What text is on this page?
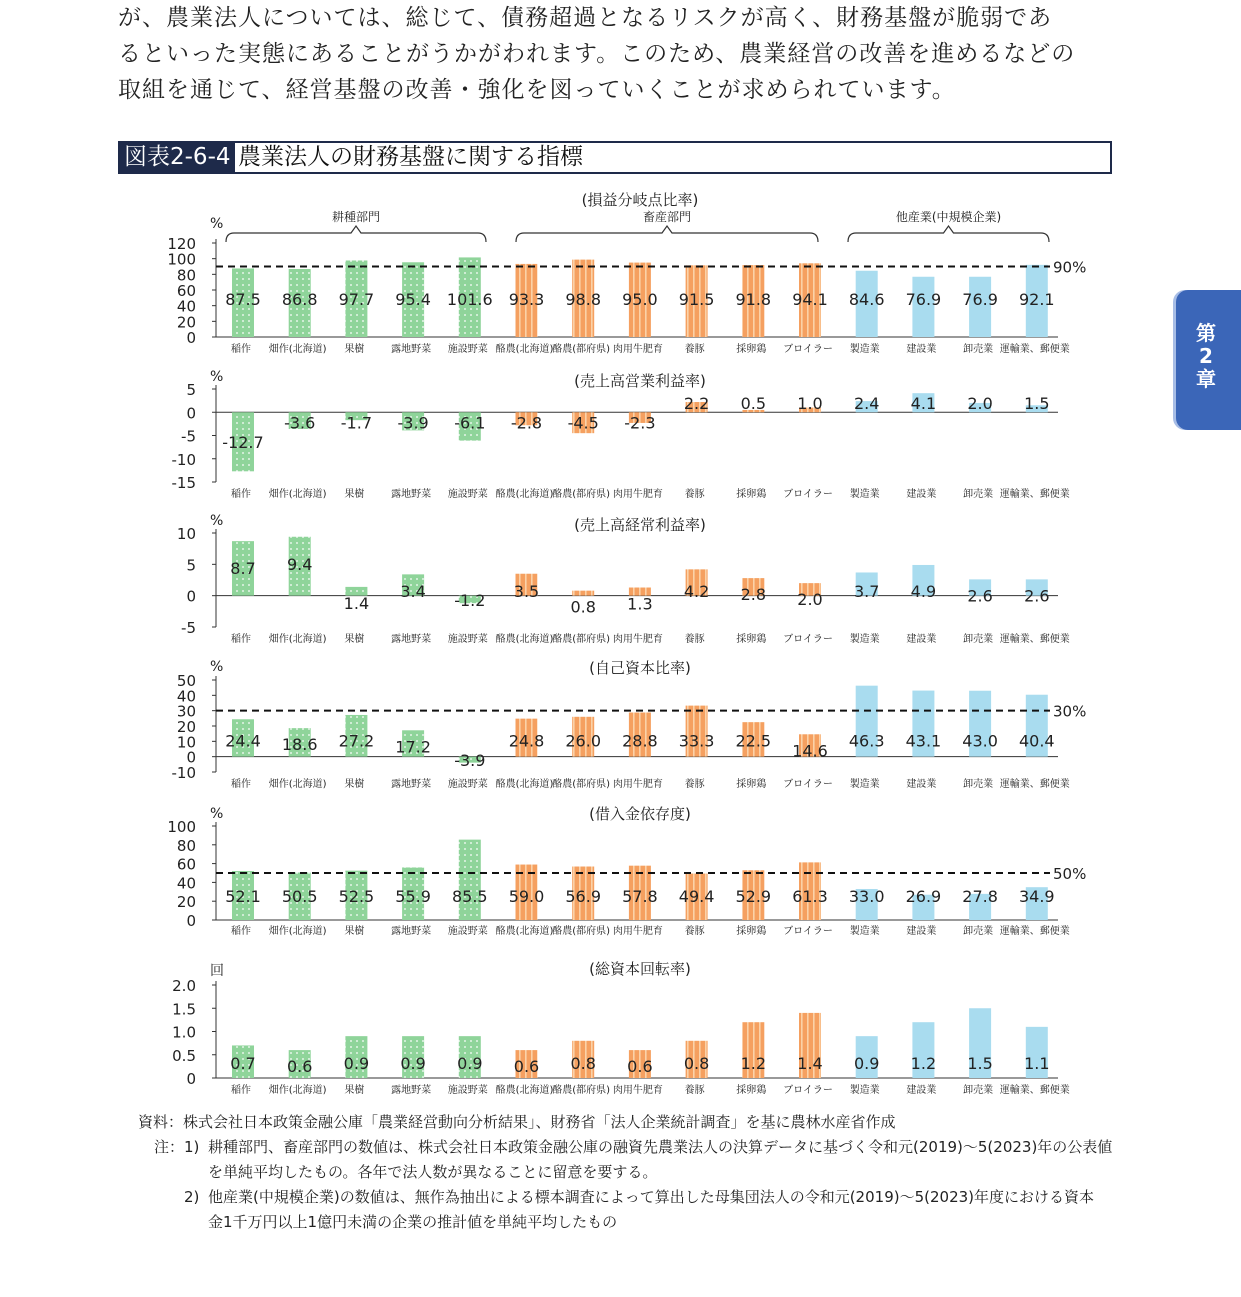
が、農業法人については、総じて、債務超過となるリスクが高く、財務基盤が脆弱であ

るといった実態にあることがうかがわれます。このため、農業経営の改善を進めるなどの

取組を通じて、経営基盤の改善・強化を図っていくことが求められています。

図表2-6-4 農業法人の財務基盤に関する指標
(損益分岐点比率)
%
120
100
80
60
40
20
0
90%
87.5 86.8 97.7 95.4 101.6 93.3 98.8 95.0 91.5 91.8 94.1 84.6 76.9 76.9 92.1
稲作 畑作(北海道) 果樹	露地野菜 施設野菜 酪農(北海道)
酪農(都府県) 肉用牛肥育 養豚	採卵鶏 ブロイラー 製造業	建設業	卸売業 運輸業、郵便業
(売上高営業利益率)
%
5
0
-5
-10
-15
-12.7
-3.6 -1.7 -3.9 -6.1 -2.8 -4.5 -2.3
2.2 0.5 1.0 2.4 4.1 2.0 1.5
稲作 畑作(北海道) 果樹	露地野菜 施設野菜 酪農(北海道)
酪農(都府県) 肉用牛肥育 養豚	採卵鶏 ブロイラー 製造業	建設業	卸売業 運輸業、郵便業
(売上高経常利益率)
%
10
5
0
-5
8.7 9.4
1.4
3.4 -1.2 3.5
0.8 1.3
4.2 2.8 2.0 3.7 4.9 2.6 2.6
稲作 畑作(北海道) 果樹	露地野菜 施設野菜 酪農(北海道)
酪農(都府県) 肉用牛肥育 養豚	採卵鶏 ブロイラー 製造業	建設業	卸売業 運輸業、郵便業
(自己資本比率)
%
50
40
30
20
10
0
-10
30%
24.4 18.6 27.2 17.2
-3.9
24.8 26.0 28.8 33.3 22.5
14.6
46.3 43.1 43.0 40.4
稲作 畑作(北海道) 果樹	露地野菜 施設野菜 酪農(北海道)
酪農(都府県) 肉用牛肥育 養豚	採卵鶏 ブロイラー 製造業	建設業	卸売業 運輸業、郵便業
(借入金依存度)
%
100
80
60
40
20
0
50%
52.1 50.5 52.5 55.9 85.5 59.0 56.9 57.8 49.4 52.9 61.3 33.0 26.9 27.8 34.9
稲作 畑作(北海道) 果樹	露地野菜 施設野菜 酪農(北海道)
酪農(都府県) 肉用牛肥育 養豚	採卵鶏 ブロイラー 製造業	建設業	卸売業 運輸業、郵便業
(総資本回転率)
回
2.0
1.5
1.0
0.5
0
0.7 0.6 0.9 0.9 0.9 0.6 0.8 0.6 0.8 1.2 1.4 0.9 1.2 1.5 1.1
稲作 畑作(北海道) 果樹	露地野菜 施設野菜 酪農(北海道)
酪農(都府県) 肉用牛肥育 養豚	採卵鶏 ブロイラー 製造業	建設業	卸売業 運輸業、郵便業
耕種部門	畜産部門	他産業(中規模企業)
第
2
章
資料：株式会社日本政策金融公庫「農業経営動向分析結果」、財務省「法人企業統計調査」を基に農林水産省作成
注：1) 耕種部門、畜産部門の数値は、株式会社日本政策金融公庫の融資先農業法人の決算データに基づく令和元(2019)～5(2023)年の公表値
を単純平均したもの。各年で法人数が異なることに留意を要する。
2) 他産業(中規模企業)の数値は、無作為抽出による標本調査によって算出した母集団法人の令和元(2019)～5(2023)年度における資本
金1千万円以上1億円未満の企業の推計値を単純平均したもの
